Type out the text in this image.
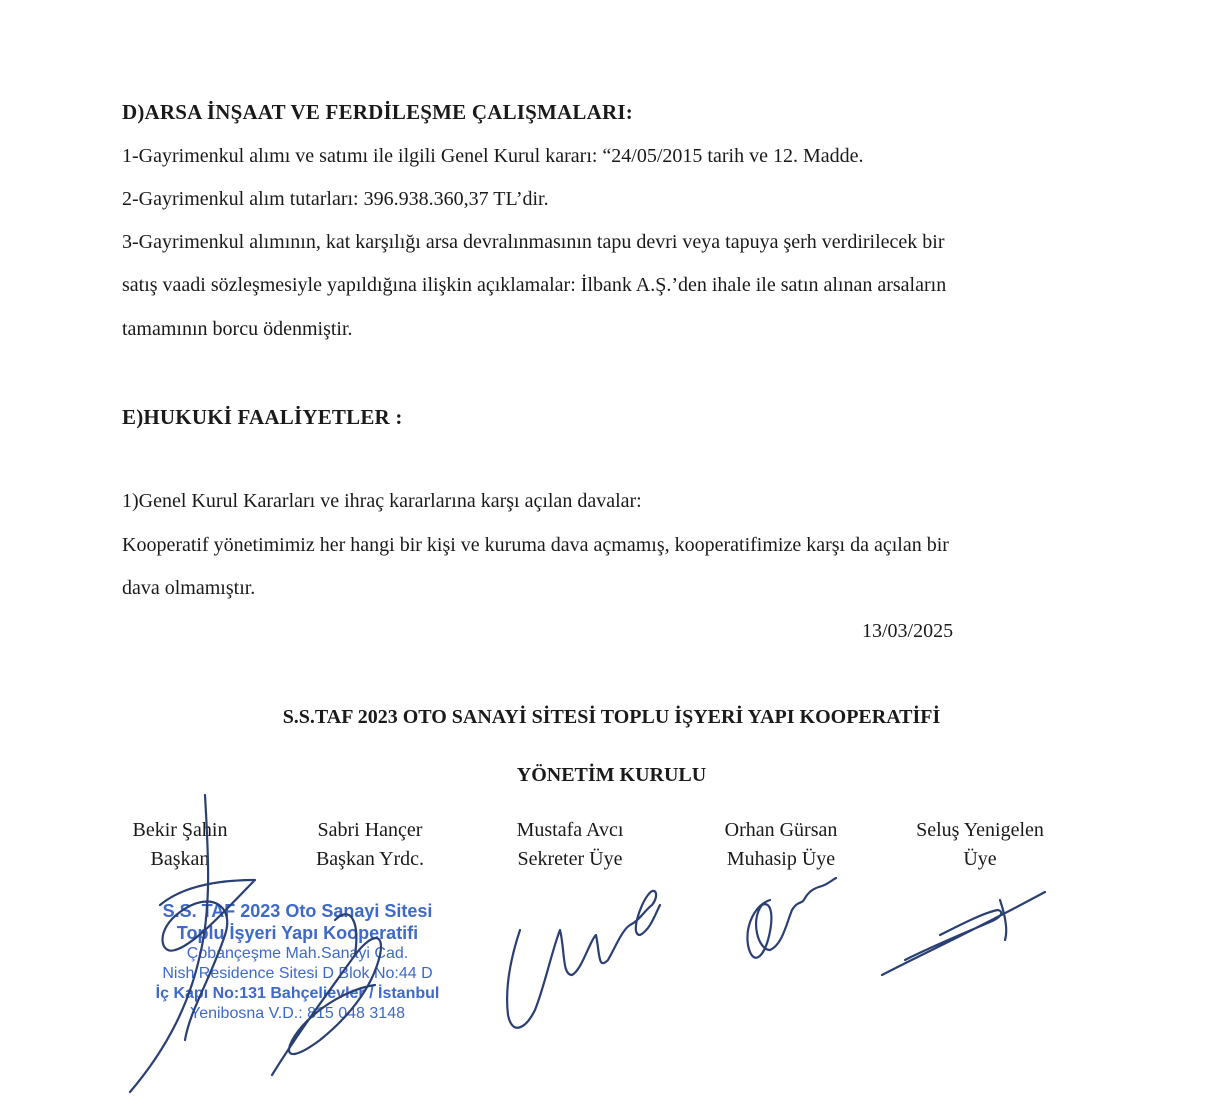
D)ARSA İNŞAAT VE FERDİLEŞME ÇALIŞMALARI:
1-Gayrimenkul alımı ve satımı ile ilgili Genel Kurul kararı: “24/05/2015 tarih ve 12. Madde.
2-Gayrimenkul alım tutarları: 396.938.360,37 TL’dir.
3-Gayrimenkul alımının, kat karşılığı arsa devralınmasının tapu devri veya tapuya şerh verdirilecek bir
satış vaadi sözleşmesiyle yapıldığına ilişkin açıklamalar: İlbank A.Ş.’den ihale ile satın alınan arsaların
tamamının borcu ödenmiştir.
E)HUKUKİ FAALİYETLER :
1)Genel Kurul Kararları ve ihraç kararlarına karşı açılan davalar:
Kooperatif yönetimimiz her hangi bir kişi ve kuruma dava açmamış, kooperatifimize karşı da açılan bir
dava olmamıştır.
13/03/2025
S.S.TAF 2023 OTO SANAYİ SİTESİ TOPLU İŞYERİ YAPI KOOPERATİFİ
YÖNETİM KURULU
Bekir Şahin
Başkan
Sabri Hançer
Başkan Yrdc.
Mustafa Avcı
Sekreter Üye
Orhan Gürsan
Muhasip Üye
Seluş Yenigelen
Üye
S.S. TAF 2023 Oto Sanayi Sitesi
Toplu İşyeri Yapı Kooperatifi
Çobançeşme Mah.Sanayi Cad.
Nish Residence Sitesi D Blok No:44 D
İç Kapı No:131 Bahçelievler / İstanbul
Yenibosna V.D.: 815 048 3148
